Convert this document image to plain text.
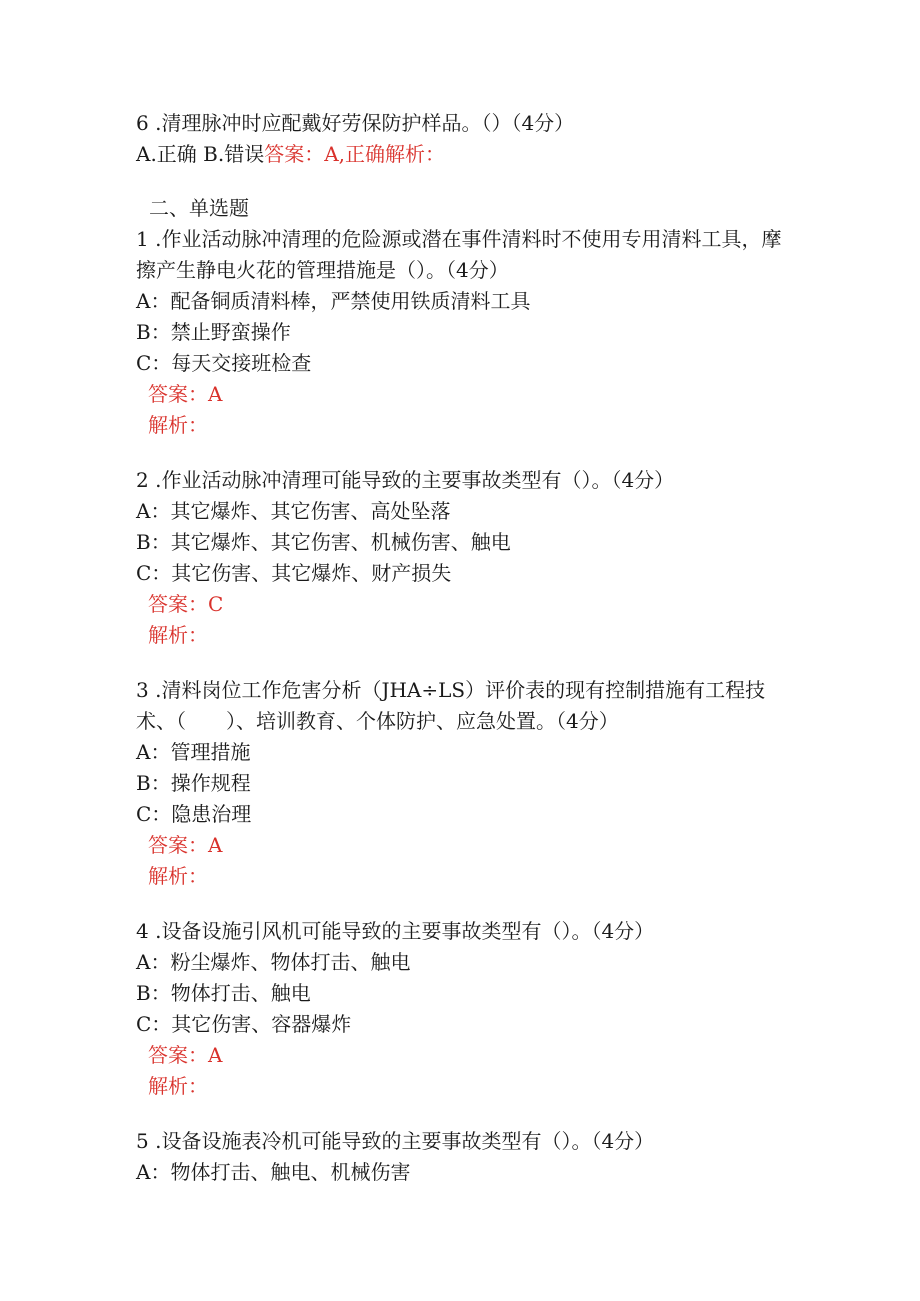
6 .清理脉冲时应配戴好劳保防护样品。（）（4分）

A.正确 B.错误答案：A,正确解析：

二、单选题

1 .作业活动脉冲清理的危险源或潜在事件清料时不使用专用清料工具，摩擦产生静电火花的管理措施是（）。（4分）

A：配备铜质清料棒，严禁使用铁质清料工具

B：禁止野蛮操作

C：每天交接班检查

答案：A

解析：

2 .作业活动脉冲清理可能导致的主要事故类型有（）。（4分）

A：其它爆炸、其它伤害、高处坠落

B：其它爆炸、其它伤害、机械伤害、触电

C：其它伤害、其它爆炸、财产损失

答案：C

解析：

3 .清料岗位工作危害分析（JHA÷LS）评价表的现有控制措施有工程技术、（　　）、培训教育、个体防护、应急处置。（4分）

A：管理措施

B：操作规程

C：隐患治理

答案：A

解析：

4 .设备设施引风机可能导致的主要事故类型有（）。（4分）

A：粉尘爆炸、物体打击、触电

B：物体打击、触电

C：其它伤害、容器爆炸

答案：A

解析：

5 .设备设施表冷机可能导致的主要事故类型有（）。（4分）

A：物体打击、触电、机械伤害
